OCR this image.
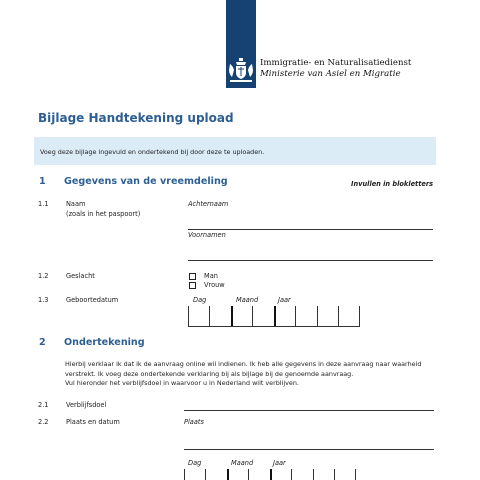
Immigratie- en Naturalisatiedienst
Ministerie van Asiel en Migratie
Bijlage Handtekening upload
Voeg deze bijlage ingevuld en ondertekend bij door deze te uploaden.
1 Gegevens van de vreemdeling	Invullen in blokletters
1.1	Naam
(zoals in het paspoort)
Achternaam
Voornamen
1.2	Geslacht	Man
Vrouw
1.3	Geboortedatum	Dag	Maand	Jaar
2 Ondertekening
Hierbij verklaar ik dat ik de aanvraag online wil indienen. Ik heb alle gegevens in deze aanvraag naar waarheid
verstrekt. Ik voeg deze ondertekende verklaring bij als bijlage bij de genoemde aanvraag.
Vul hieronder het verblijfsdoel in waarvoor u in Nederland wilt verblijven.
2.1	Verblijfsdoel
2.2	Plaats en datum	Plaats
Dag	Maand	Jaar
